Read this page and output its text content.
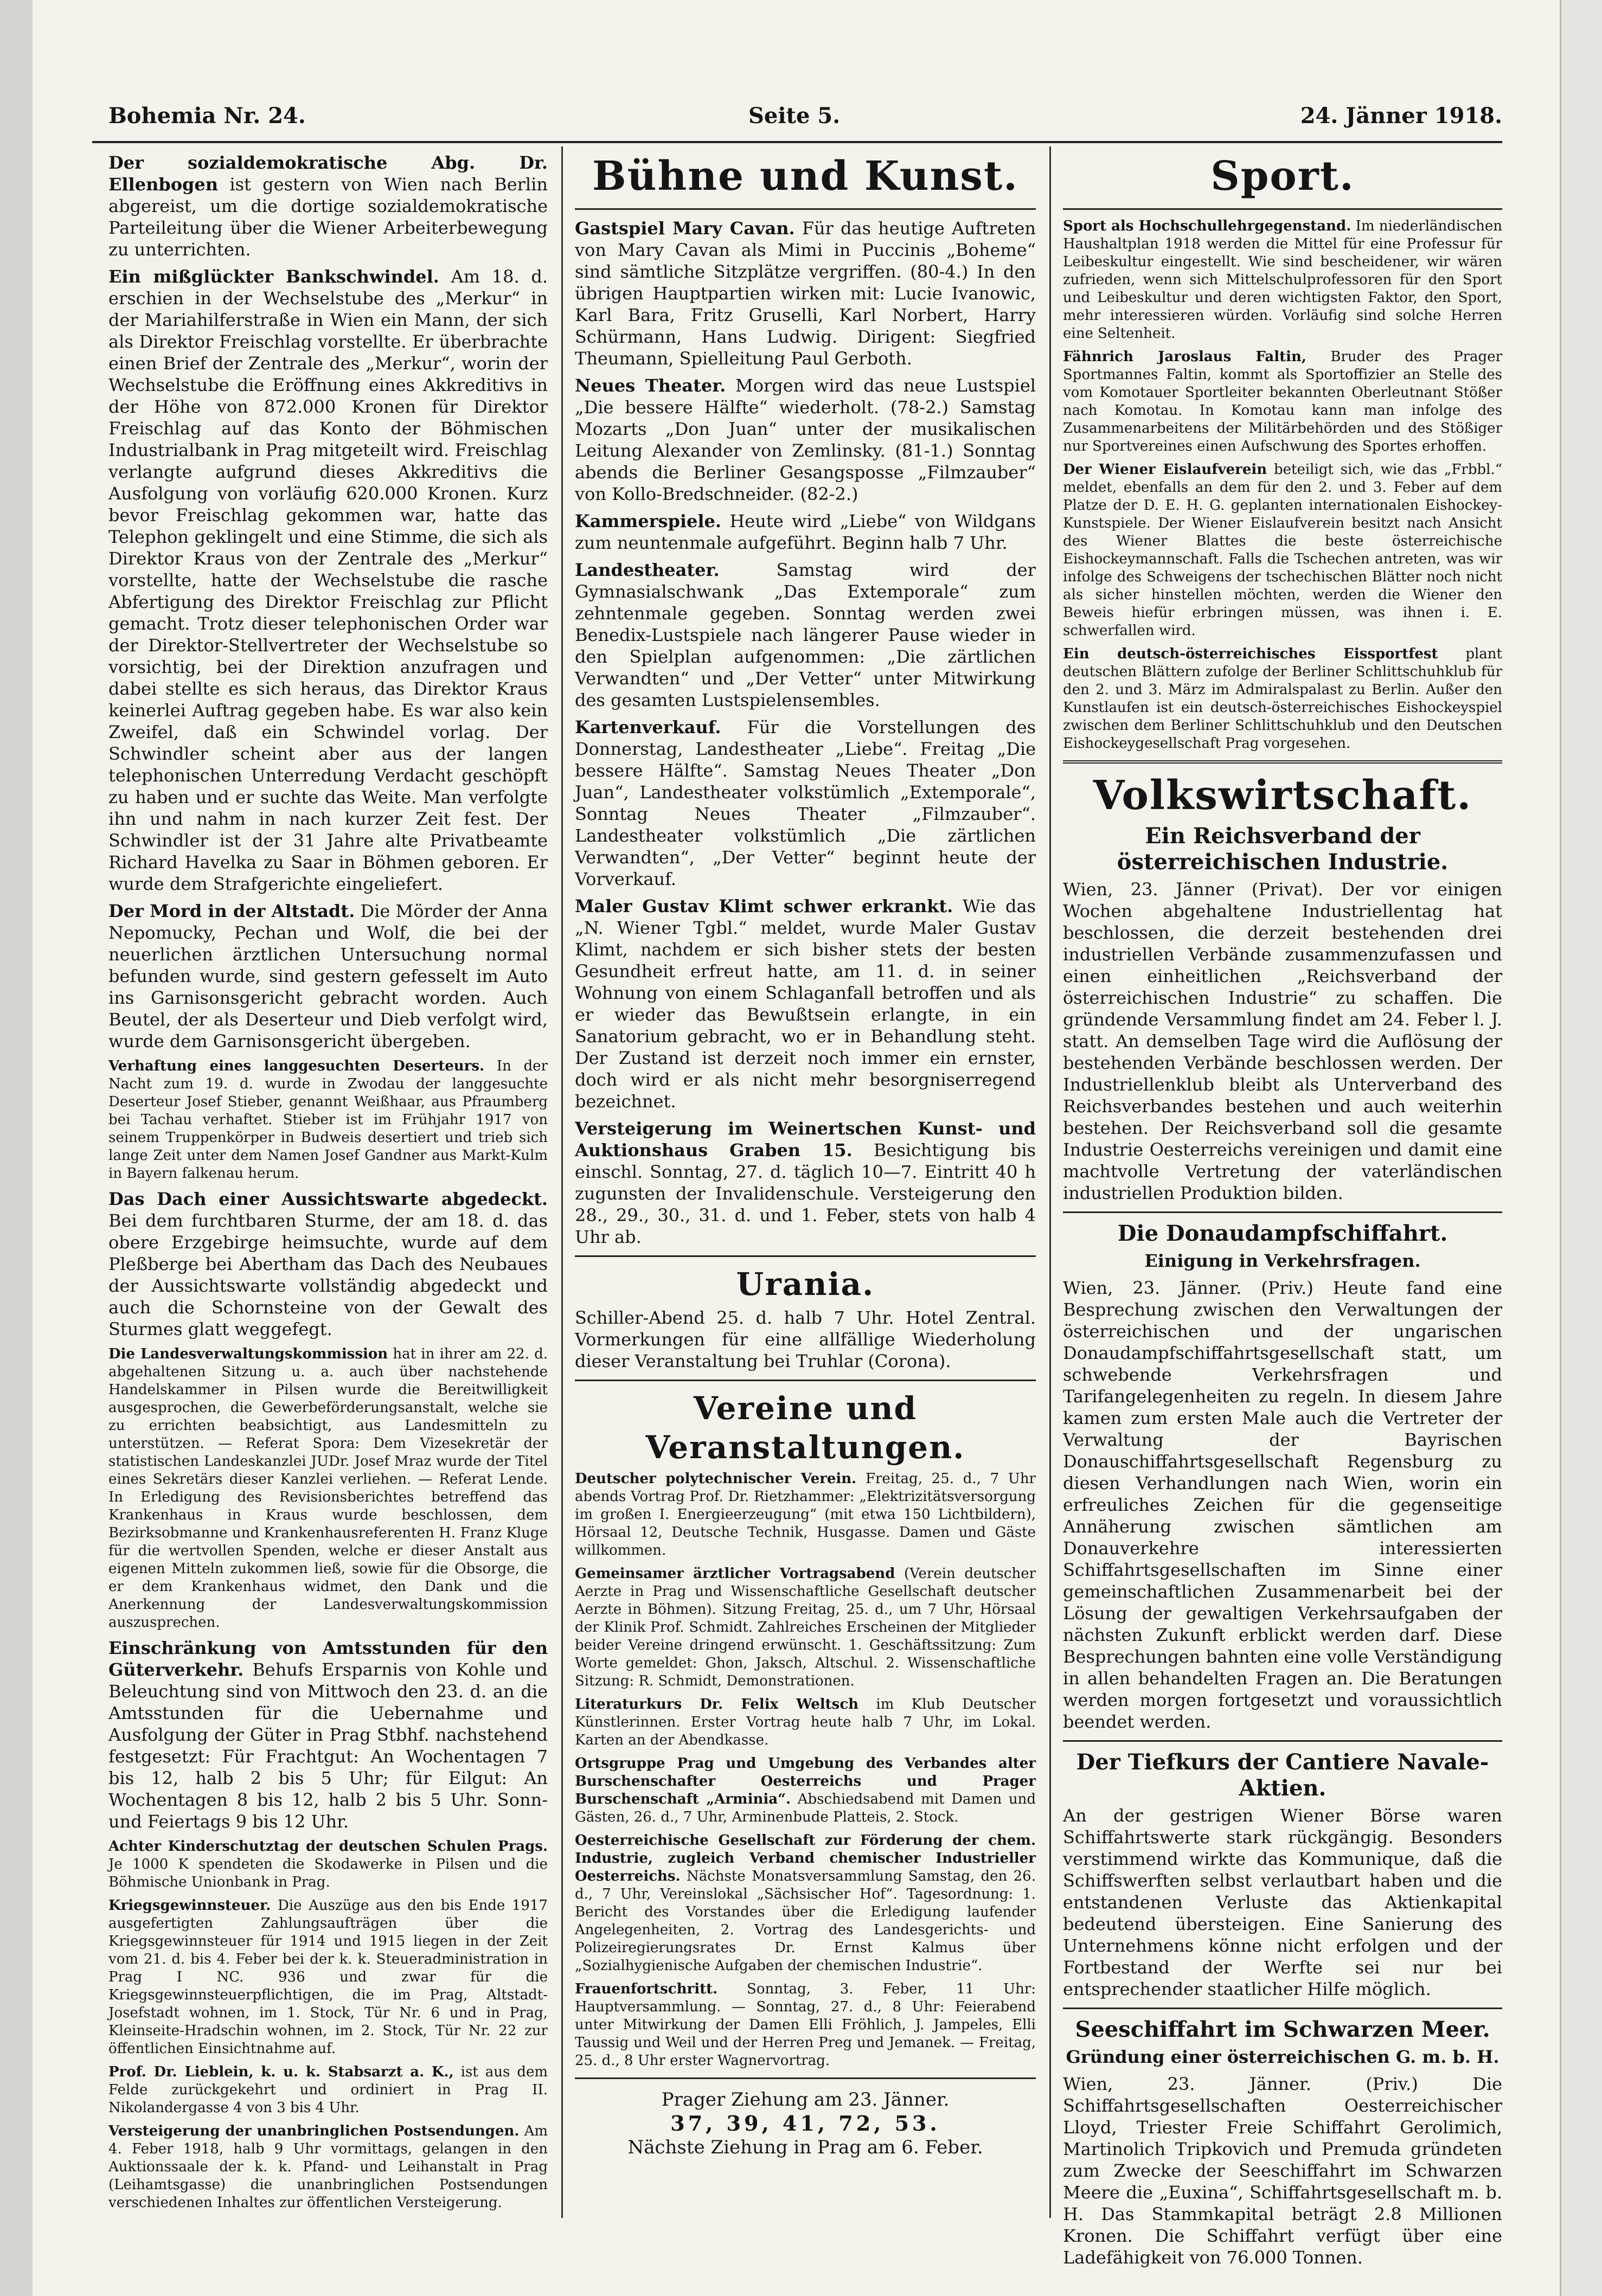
Bohemia Nr. 24.	Seite 5.	24. Jänner 1918.

Der sozialdemokratische Abg. Dr. Ellenbogen ist gestern von Wien nach Berlin abgereist, um die dortige sozialdemokratische Parteileitung über die Wiener Arbeiterbewegung zu unterrichten.

Ein mißglückter Bankschwindel. Am 18. d. erschien in der Wechselstube des „Merkur“ in der Mariahilferstraße in Wien ein Mann, der sich als Direktor Freischlag vorstellte. Er überbrachte einen Brief der Zentrale des „Merkur“, worin der Wechselstube die Eröffnung eines Akkreditivs in der Höhe von 872.000 Kronen für Direktor Freischlag auf das Konto der Böhmischen Industrialbank in Prag mitgeteilt wird. Freischlag verlangte aufgrund dieses Akkreditivs die Ausfolgung von vorläufig 620.000 Kronen. Kurz bevor Freischlag gekommen war, hatte das Telephon geklingelt und eine Stimme, die sich als Direktor Kraus von der Zentrale des „Merkur“ vorstellte, hatte der Wechselstube die rasche Abfertigung des Direktor Freischlag zur Pflicht gemacht. Trotz dieser telephonischen Order war der Direktor-Stellvertreter der Wechselstube so vorsichtig, bei der Direktion anzufragen und dabei stellte es sich heraus, das Direktor Kraus keinerlei Auftrag gegeben habe. Es war also kein Zweifel, daß ein Schwindel vorlag. Der Schwindler scheint aber aus der langen telephonischen Unterredung Verdacht geschöpft zu haben und er suchte das Weite. Man verfolgte ihn und nahm in nach kurzer Zeit fest. Der Schwindler ist der 31 Jahre alte Privatbeamte Richard Havelka zu Saar in Böhmen geboren. Er wurde dem Strafgerichte eingeliefert.

Der Mord in der Altstadt. Die Mörder der Anna Nepomucky, Pechan und Wolf, die bei der neuerlichen ärztlichen Untersuchung normal befunden wurde, sind gestern gefesselt im Auto ins Garnisonsgericht gebracht worden. Auch Beutel, der als Deserteur und Dieb verfolgt wird, wurde dem Garnisonsgericht übergeben.

Verhaftung eines langgesuchten Deserteurs. In der Nacht zum 19. d. wurde in Zwodau der langgesuchte Deserteur Josef Stieber, genannt Weißhaar, aus Pfraumberg bei Tachau verhaftet. Stieber ist im Frühjahr 1917 von seinem Truppenkörper in Budweis desertiert und trieb sich lange Zeit unter dem Namen Josef Gandner aus Markt-Kulm in Bayern falkenau herum.

Das Dach einer Aussichtswarte abgedeckt. Bei dem furchtbaren Sturme, der am 18. d. das obere Erzgebirge heimsuchte, wurde auf dem Pleßberge bei Abertham das Dach des Neubaues der Aussichtswarte vollständig abgedeckt und auch die Schornsteine von der Gewalt des Sturmes glatt weggefegt.

Die Landesverwaltungskommission hat in ihrer am 22. d. abgehaltenen Sitzung u. a. auch über nachstehende Handelskammer in Pilsen wurde die Bereitwilligkeit ausgesprochen, die Gewerbeförderungsanstalt, welche sie zu errichten beabsichtigt, aus Landesmitteln zu unterstützen. — Referat Spora: Dem Vizesekretär der statistischen Landeskanzlei JUDr. Josef Mraz wurde der Titel eines Sekretärs dieser Kanzlei verliehen. — Referat Lende. In Erledigung des Revisionsberichtes betreffend das Krankenhaus in Kraus wurde beschlossen, dem Bezirksobmanne und Krankenhausreferenten H. Franz Kluge für die wertvollen Spenden, welche er dieser Anstalt aus eigenen Mitteln zukommen ließ, sowie für die Obsorge, die er dem Krankenhaus widmet, den Dank und die Anerkennung der Landesverwaltungskommission auszusprechen.

Einschränkung von Amtsstunden für den Güterverkehr. Behufs Ersparnis von Kohle und Beleuchtung sind von Mittwoch den 23. d. an die Amtsstunden für die Uebernahme und Ausfolgung der Güter in Prag Stbhf. nachstehend festgesetzt: Für Frachtgut: An Wochentagen 7 bis 12, halb 2 bis 5 Uhr; für Eilgut: An Wochentagen 8 bis 12, halb 2 bis 5 Uhr. Sonn- und Feiertags 9 bis 12 Uhr.

Achter Kinderschutztag der deutschen Schulen Prags. Je 1000 K spendeten die Skodawerke in Pilsen und die Böhmische Unionbank in Prag.

Kriegsgewinnsteuer. Die Auszüge aus den bis Ende 1917 ausgefertigten Zahlungsaufträgen über die Kriegsgewinnsteuer für 1914 und 1915 liegen in der Zeit vom 21. d. bis 4. Feber bei der k. k. Steueradministration in Prag I NC. 936 und zwar für die Kriegsgewinnsteuerpflichtigen, die im Prag, Altstadt-Josefstadt wohnen, im 1. Stock, Tür Nr. 6 und in Prag, Kleinseite-Hradschin wohnen, im 2. Stock, Tür Nr. 22 zur öffentlichen Einsichtnahme auf.

Prof. Dr. Lieblein, k. u. k. Stabsarzt a. K., ist aus dem Felde zurückgekehrt und ordiniert in Prag II. Nikolandergasse 4 von 3 bis 4 Uhr.

Versteigerung der unanbringlichen Postsendungen. Am 4. Feber 1918, halb 9 Uhr vormittags, gelangen in den Auktionssaale der k. k. Pfand- und Leihanstalt in Prag (Leihamtsgasse) die unanbringlichen Postsendungen verschiedenen Inhaltes zur öffentlichen Versteigerung.

Bühne und Kunst.

Gastspiel Mary Cavan. Für das heutige Auftreten von Mary Cavan als Mimi in Puccinis „Boheme“ sind sämtliche Sitzplätze vergriffen. (80-4.) In den übrigen Hauptpartien wirken mit: Lucie Ivanowic, Karl Bara, Fritz Gruselli, Karl Norbert, Harry Schürmann, Hans Ludwig. Dirigent: Siegfried Theumann, Spielleitung Paul Gerboth.

Neues Theater. Morgen wird das neue Lustspiel „Die bessere Hälfte“ wiederholt. (78-2.) Samstag Mozarts „Don Juan“ unter der musikalischen Leitung Alexander von Zemlinsky. (81-1.) Sonntag abends die Berliner Gesangsposse „Filmzauber“ von Kollo-Bredschneider. (82-2.)

Kammerspiele. Heute wird „Liebe“ von Wildgans zum neuntenmale aufgeführt. Beginn halb 7 Uhr.

Landestheater.	Samstag wird der Gymnasialschwank „Das Extemporale“ zum zehntenmale gegeben. Sonntag werden zwei Benedix-Lustspiele nach längerer Pause wieder in den Spielplan aufgenommen: „Die zärtlichen Verwandten“ und „Der Vetter“ unter Mitwirkung des gesamten Lustspielensembles.

Kartenverkauf. Für die Vorstellungen des Donnerstag, Landestheater „Liebe“. Freitag „Die bessere Hälfte“. Samstag Neues Theater „Don Juan“, Landestheater volkstümlich „Extemporale“, Sonntag Neues Theater „Filmzauber“. Landestheater volkstümlich „Die zärtlichen Verwandten“, „Der Vetter“ beginnt heute der Vorverkauf.

Maler Gustav Klimt schwer erkrankt. Wie das „N. Wiener Tgbl.“ meldet, wurde Maler Gustav Klimt, nachdem er sich bisher stets der besten Gesundheit erfreut hatte, am 11. d. in seiner Wohnung von einem Schlaganfall betroffen und als er wieder das Bewußtsein erlangte, in ein Sanatorium gebracht, wo er in Behandlung steht. Der Zustand ist derzeit noch immer ein ernster, doch wird er als nicht mehr besorgniserregend bezeichnet.

Versteigerung im Weinertschen Kunst- und Auktionshaus Graben 15. Besichtigung bis einschl. Sonntag, 27. d. täglich 10—7. Eintritt 40 h zugunsten der Invalidenschule. Versteigerung den 28., 29., 30., 31. d. und 1. Feber, stets von halb 4 Uhr ab.

Urania.

Schiller-Abend 25. d. halb 7 Uhr. Hotel Zentral. Vormerkungen für eine allfällige Wiederholung dieser Veranstaltung bei Truhlar (Corona).

Vereine und Veranstaltungen.

Deutscher polytechnischer Verein. Freitag, 25. d., 7 Uhr abends Vortrag Prof. Dr. Rietzhammer: „Elektrizitätsversorgung im großen I. Energieerzeugung“ (mit etwa 150 Lichtbildern), Hörsaal 12, Deutsche Technik, Husgasse. Damen und Gäste willkommen.

Gemeinsamer ärztlicher Vortragsabend (Verein deutscher Aerzte in Prag und Wissenschaftliche Gesellschaft deutscher Aerzte in Böhmen). Sitzung Freitag, 25. d., um 7 Uhr, Hörsaal der Klinik Prof. Schmidt. Zahlreiches Erscheinen der Mitglieder beider Vereine dringend erwünscht. 1. Geschäftssitzung: Zum Worte gemeldet: Ghon, Jaksch, Altschul. 2. Wissenschaftliche Sitzung: R. Schmidt, Demonstrationen.

Literaturkurs Dr. Felix Weltsch im Klub Deutscher Künstlerinnen. Erster Vortrag heute halb 7 Uhr, im Lokal. Karten an der Abendkasse.

Ortsgruppe Prag und Umgebung des Verbandes alter Burschenschafter Oesterreichs und Prager Burschenschaft „Arminia“. Abschiedsabend mit Damen und Gästen, 26. d., 7 Uhr, Arminenbude Platteis, 2. Stock.

Oesterreichische Gesellschaft zur Förderung der chem. Industrie, zugleich Verband chemischer Industrieller Oesterreichs. Nächste Monatsversammlung Samstag, den 26. d., 7 Uhr, Vereinslokal „Sächsischer Hof“. Tagesordnung: 1. Bericht des Vorstandes über die Erledigung laufender Angelegenheiten, 2. Vortrag des Landesgerichts- und Polizeiregierungsrates Dr. Ernst Kalmus über „Sozialhygienische Aufgaben der chemischen Industrie“.

Frauenfortschritt. Sonntag, 3. Feber, 11 Uhr: Hauptversammlung. — Sonntag, 27. d., 8 Uhr: Feierabend unter Mitwirkung der Damen Elli Fröhlich, J. Jampeles, Elli Taussig und Weil und der Herren Preg und Jemanek. — Freitag, 25. d., 8 Uhr erster Wagnervortrag.

Prager Ziehung am 23. Jänner.
37, 39, 41, 72, 53.
Nächste Ziehung in Prag am 6. Feber.
Sport.

Sport als Hochschullehrgegenstand. Im niederländischen Haushaltplan 1918 werden die Mittel für eine Professur für Leibeskultur eingestellt. Wie sind bescheidener, wir wären zufrieden, wenn sich Mittelschulprofessoren für den Sport und Leibeskultur und deren wichtigsten Faktor, den Sport, mehr interessieren würden. Vorläufig sind solche Herren eine Seltenheit.

Fähnrich Jaroslaus Faltin, Bruder des Prager Sportmannes Faltin, kommt als Sportoffizier an Stelle des vom Komotauer Sportleiter bekannten Oberleutnant Stößer nach Komotau. In Komotau kann man infolge des Zusammenarbeitens der Militärbehörden und des Stößiger nur Sportvereines einen Aufschwung des Sportes erhoffen.

Der Wiener Eislaufverein beteiligt sich, wie das „Frbbl.“ meldet, ebenfalls an dem für den 2. und 3. Feber auf dem Platze der D. E. H. G. geplanten internationalen Eishockey-Kunstspiele. Der Wiener Eislaufverein besitzt nach Ansicht des Wiener Blattes die beste österreichische Eishockeymannschaft. Falls die Tschechen antreten, was wir infolge des Schweigens der tschechischen Blätter noch nicht als sicher hinstellen möchten, werden die Wiener den Beweis hiefür erbringen müssen, was ihnen i. E. schwerfallen wird.

Ein deutsch-österreichisches Eissportfest plant deutschen Blättern zufolge der Berliner Schlittschuhklub für den 2. und 3. März im Admiralspalast zu Berlin. Außer den Kunstlaufen ist ein deutsch-österreichisches Eishockeyspiel zwischen dem Berliner Schlittschuhklub und den Deutschen Eishockeygesellschaft Prag vorgesehen.

Volkswirtschaft.
Ein Reichsverband der österreichischen Industrie.

Wien, 23. Jänner (Privat). Der vor einigen Wochen abgehaltene Industriellentag hat beschlossen, die derzeit bestehenden drei industriellen Verbände zusammenzufassen und einen einheitlichen „Reichsverband der österreichischen Industrie“ zu schaffen. Die gründende Versammlung findet am 24. Feber l. J. statt. An demselben Tage wird die Auflösung der bestehenden Verbände beschlossen werden. Der Industriellenklub bleibt als Unterverband des Reichsverbandes bestehen und auch weiterhin bestehen. Der Reichsverband soll die gesamte Industrie Oesterreichs vereinigen und damit eine machtvolle Vertretung der vaterländischen industriellen Produktion bilden.

Die Donaudampfschiffahrt.
Einigung in Verkehrsfragen.

Wien, 23. Jänner. (Priv.) Heute fand eine Besprechung zwischen den Verwaltungen der österreichischen und der ungarischen Donaudampfschiffahrtsgesellschaft statt, um schwebende Verkehrsfragen und Tarifangelegenheiten zu regeln. In diesem Jahre kamen zum ersten Male auch die Vertreter der Verwaltung der Bayrischen Donauschiffahrtsgesellschaft Regensburg zu diesen Verhandlungen nach Wien, worin ein erfreuliches Zeichen für die gegenseitige Annäherung zwischen sämtlichen am Donauverkehre interessierten Schiffahrtsgesellschaften im Sinne einer gemeinschaftlichen Zusammenarbeit bei der Lösung der gewaltigen Verkehrsaufgaben der nächsten Zukunft erblickt werden darf. Diese Besprechungen bahnten eine volle Verständigung in allen behandelten Fragen an. Die Beratungen werden morgen fortgesetzt und voraussichtlich beendet werden.

Der Tiefkurs der Cantiere Navale-Aktien.

An der gestrigen Wiener Börse waren Schiffahrtswerte stark rückgängig. Besonders verstimmend wirkte das Kommunique, daß die Schiffswerften selbst verlautbart haben und die entstandenen Verluste das Aktienkapital bedeutend übersteigen. Eine Sanierung des Unternehmens könne nicht erfolgen und der Fortbestand der Werfte sei nur bei entsprechender staatlicher Hilfe möglich.

Seeschiffahrt im Schwarzen Meer.
Gründung einer österreichischen G. m. b. H.

Wien, 23. Jänner. (Priv.) Die Schiffahrtsgesellschaften Oesterreichischer Lloyd, Triester Freie Schiffahrt Gerolimich, Martinolich Tripkovich und Premuda gründeten zum Zwecke der Seeschiffahrt im Schwarzen Meere die „Euxina“, Schiffahrtsgesellschaft m. b. H. Das Stammkapital beträgt 2.8 Millionen Kronen. Die Schiffahrt verfügt über eine Ladefähigkeit von 76.000 Tonnen.
